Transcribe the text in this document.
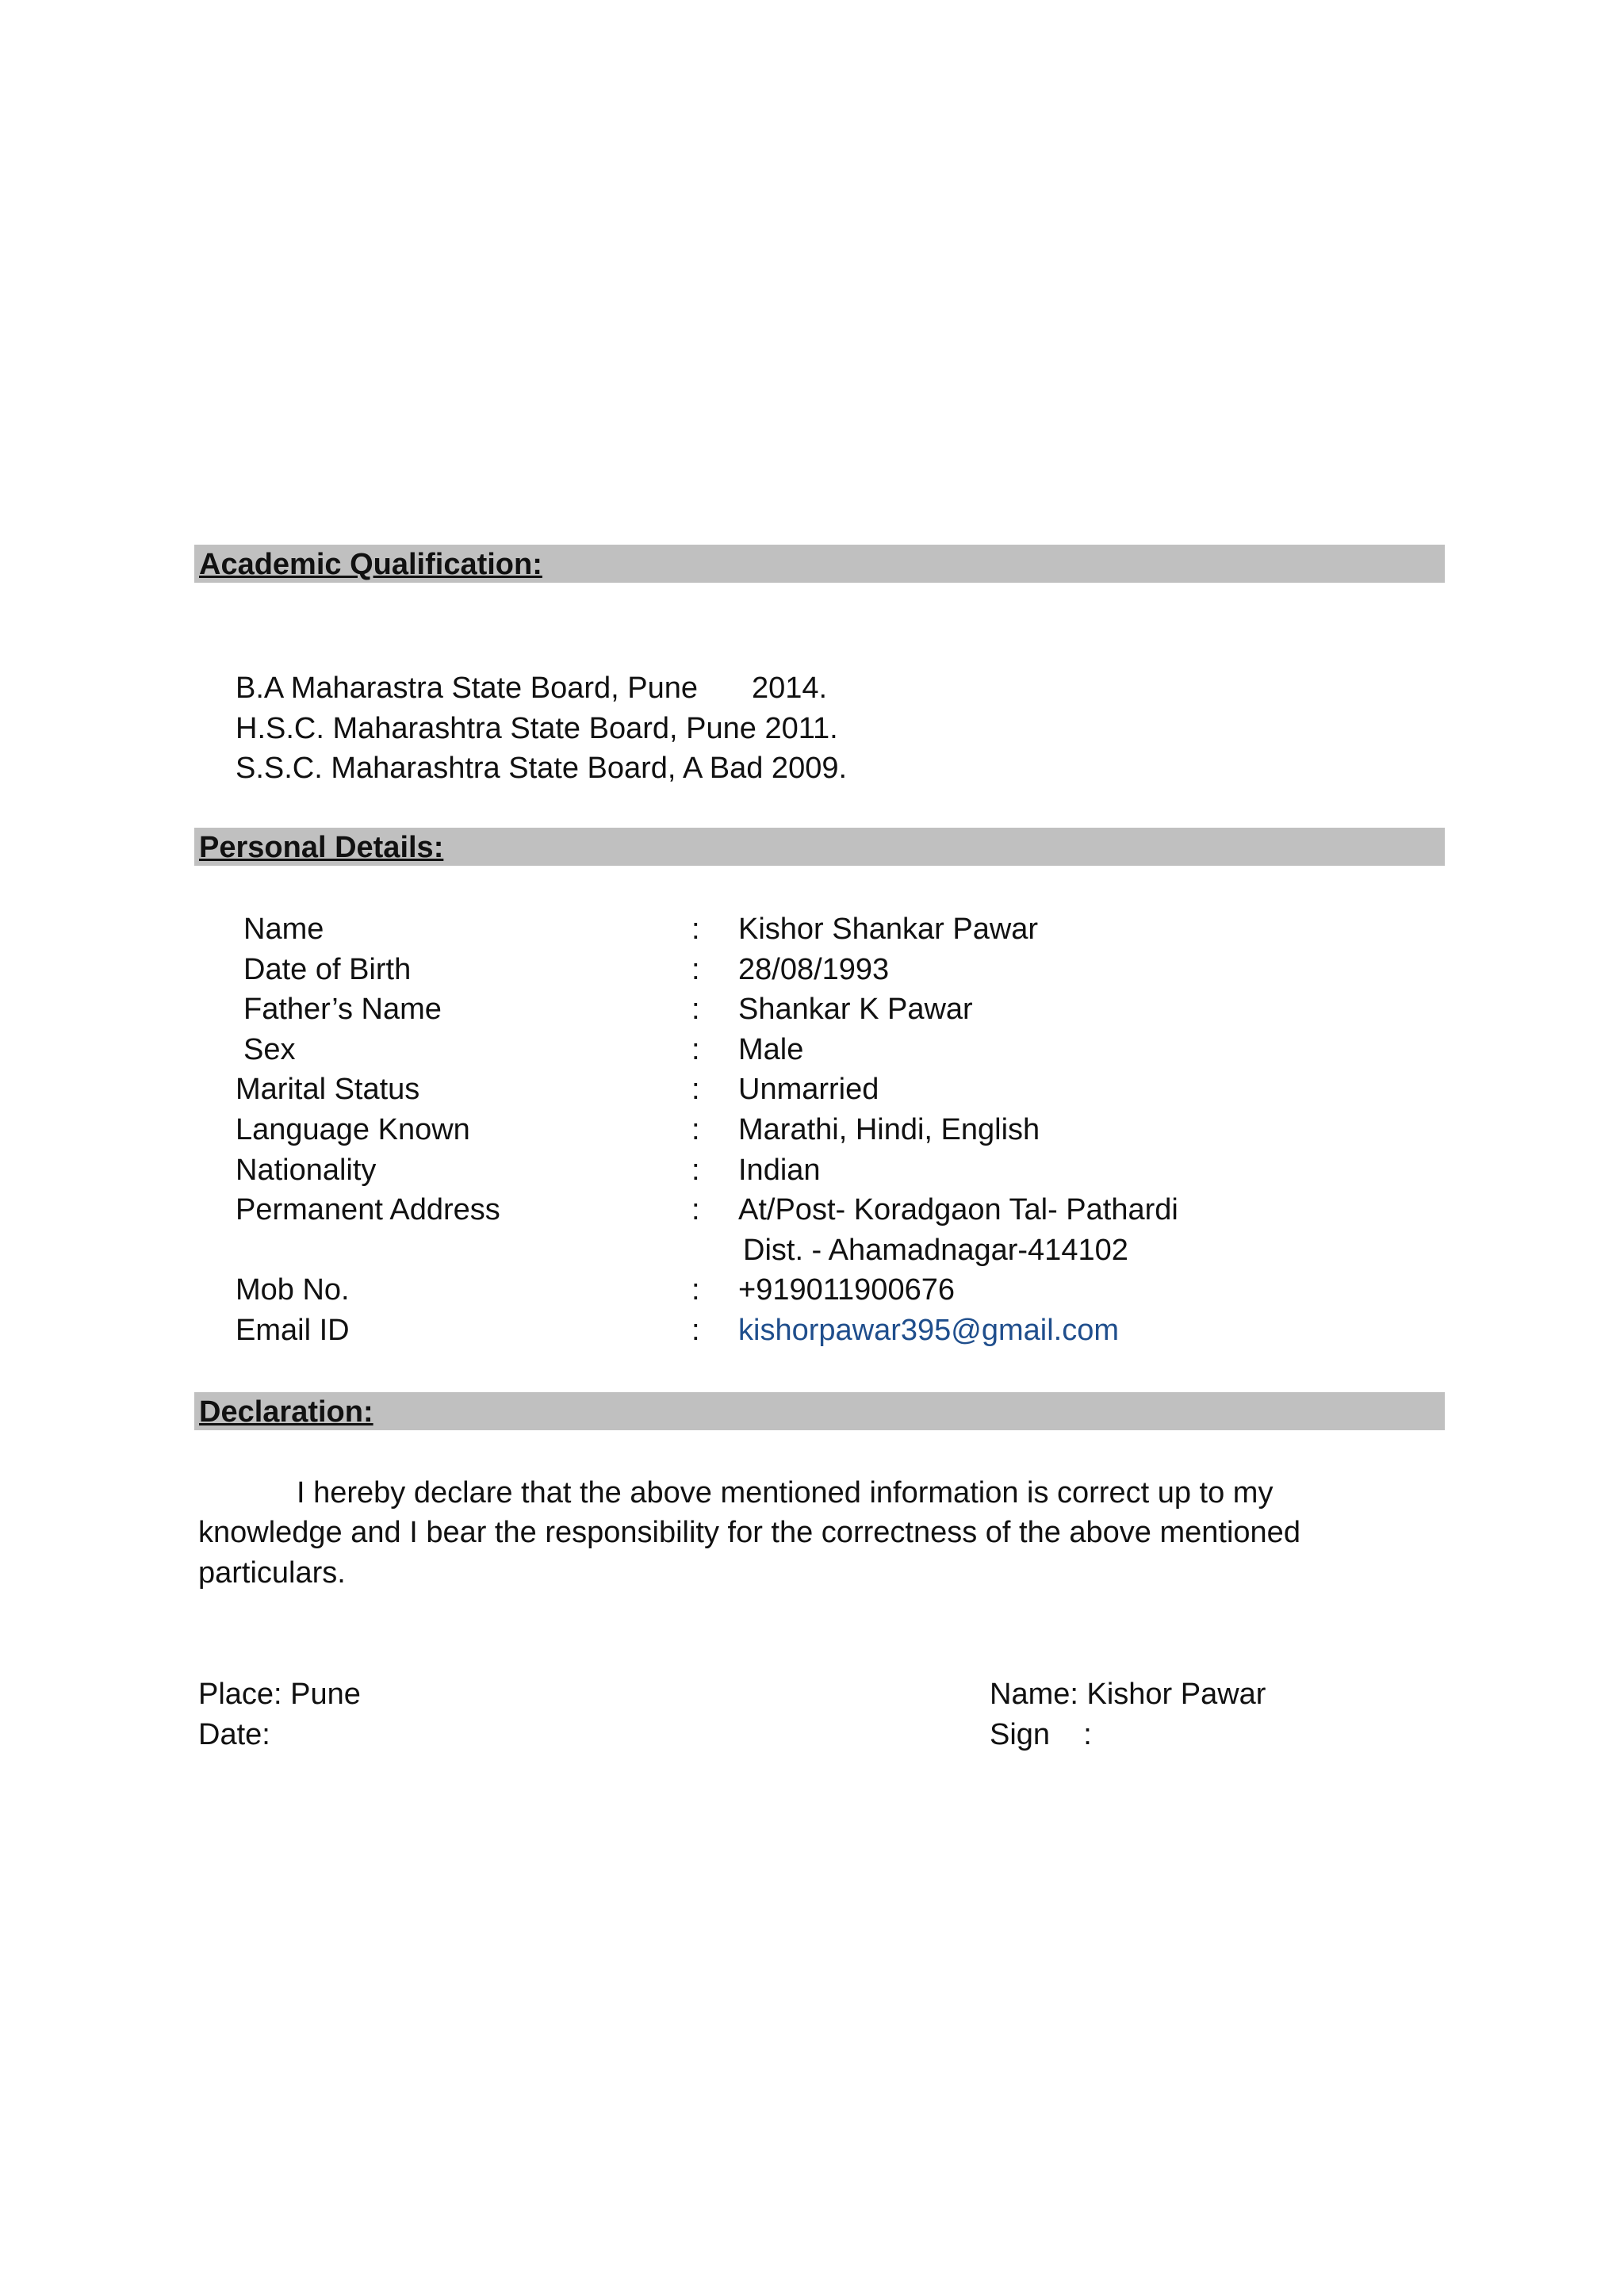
Academic Qualification:
B.A Maharastra State Board, Pune 2014.
H.S.C. Maharashtra State Board, Pune 2011.
S.S.C. Maharashtra State Board, A Bad 2009.
Personal Details:
Name	: Kishor Shankar Pawar
Date of Birth	: 28/08/1993
Father’s Name	: Shankar K Pawar
Sex	: Male
Marital Status	: Unmarried
Language Known	: Marathi, Hindi, English
Nationality	: Indian
Permanent Address	: At/Post- Koradgaon Tal- Pathardi
Dist. - Ahamadnagar-414102
Mob No.	: +919011900676
Email ID	: kishorpawar395@gmail.com
Declaration:
I hereby declare that the above mentioned information is correct up to my
knowledge and I bear the responsibility for the correctness of the above mentioned
particulars.
Place: Pune
Date:
Name: Kishor Pawar
Sign    :
